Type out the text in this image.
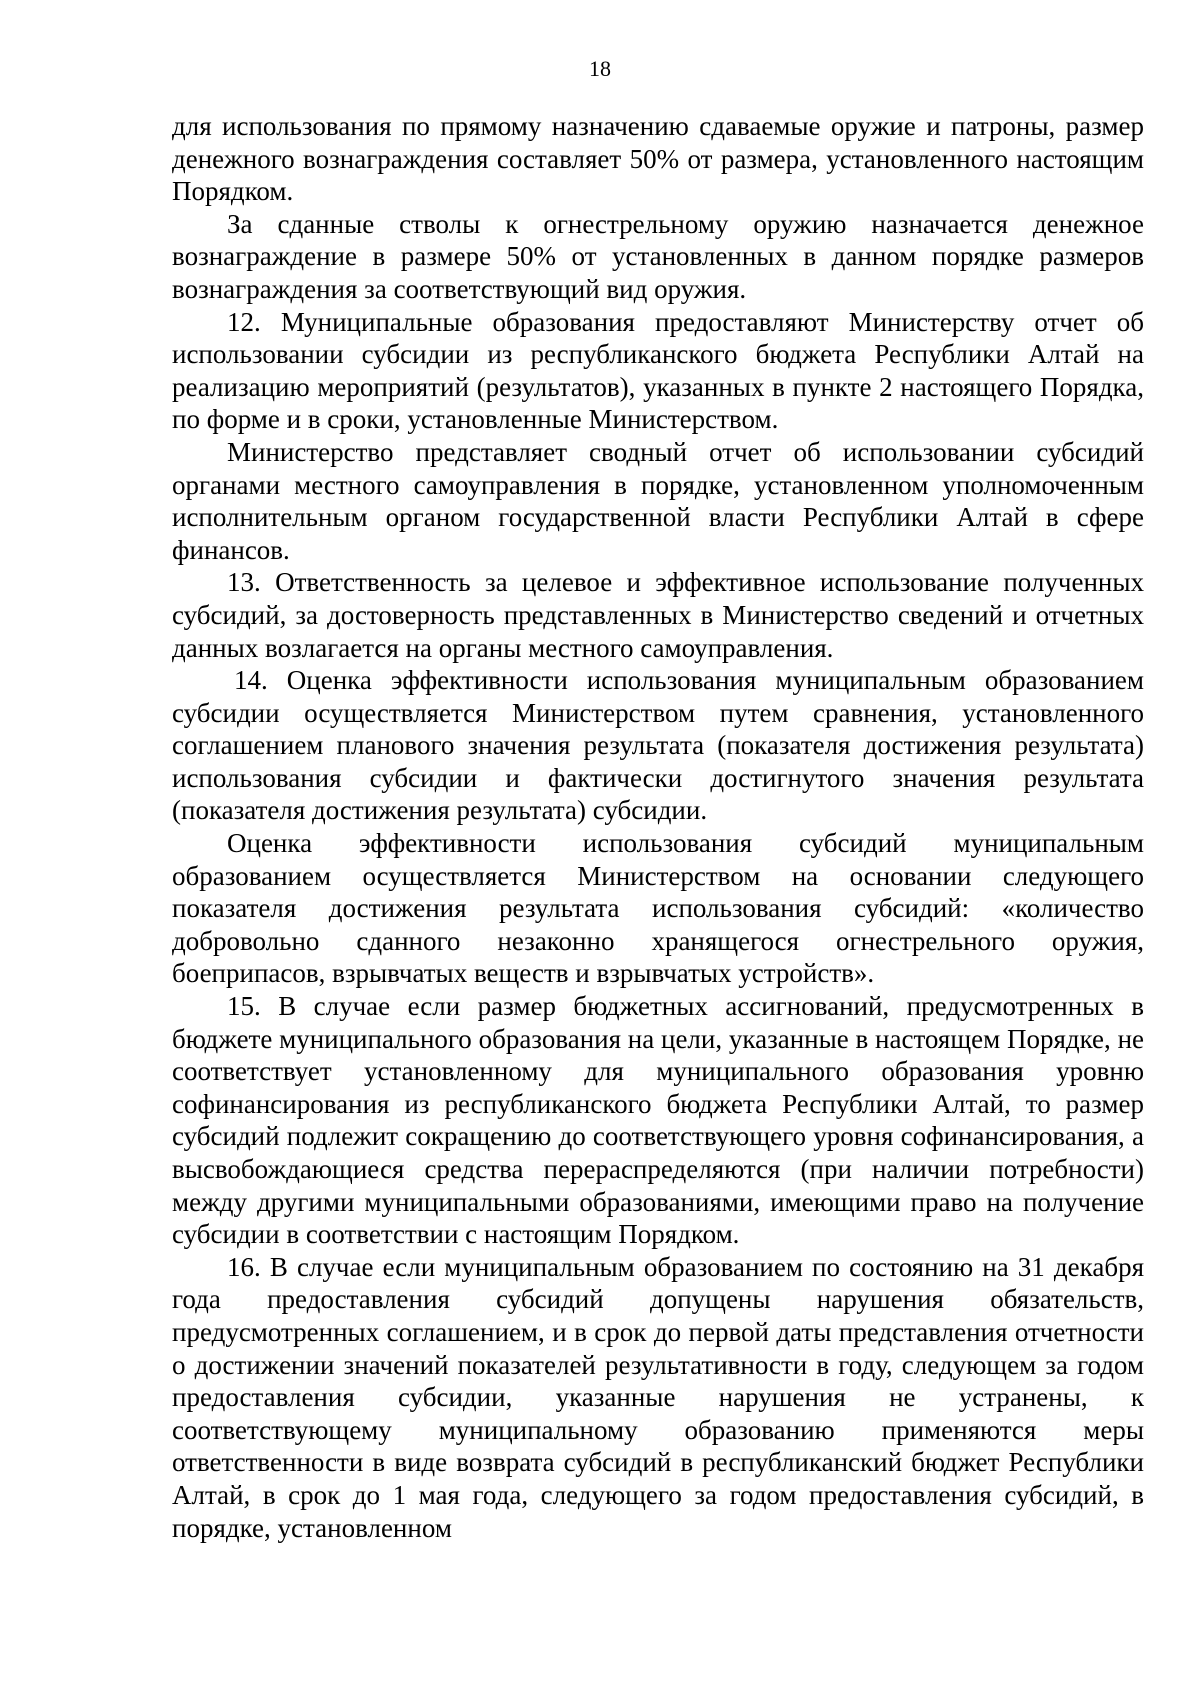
18

для использования по прямому назначению сдаваемые оружие и патроны, размер денежного вознаграждения составляет 50% от размера, установленного настоящим Порядком.

За сданные стволы к огнестрельному оружию назначается денежное вознаграждение в размере 50% от установленных в данном порядке размеров вознаграждения за соответствующий вид оружия.

12. Муниципальные образования предоставляют Министерству отчет об использовании субсидии из республиканского бюджета Республики Алтай на реализацию мероприятий (результатов), указанных в пункте 2 настоящего Порядка, по форме и в сроки, установленные Министерством.

Министерство представляет сводный отчет об использовании субсидий органами местного самоуправления в порядке, установленном уполномоченным исполнительным органом государственной власти Республики Алтай в сфере финансов.

13. Ответственность за целевое и эффективное использование полученных субсидий, за достоверность представленных в Министерство сведений и отчетных данных возлагается на органы местного самоуправления.

14. Оценка эффективности использования муниципальным образованием субсидии осуществляется Министерством путем сравнения, установленного соглашением планового значения результата (показателя достижения результата) использования субсидии и фактически достигнутого значения результата (показателя достижения результата) субсидии.

Оценка эффективности использования субсидий муниципальным образованием осуществляется Министерством на основании следующего показателя достижения результата использования субсидий: «количество добровольно сданного незаконно хранящегося огнестрельного оружия, боеприпасов, взрывчатых веществ и взрывчатых устройств».

15. В случае если размер бюджетных ассигнований, предусмотренных в бюджете муниципального образования на цели, указанные в настоящем Порядке, не соответствует установленному для муниципального образования уровню софинансирования из республиканского бюджета Республики Алтай, то размер субсидий подлежит сокращению до соответствующего уровня софинансирования, а высвобождающиеся средства перераспределяются (при наличии потребности) между другими муниципальными образованиями, имеющими право на получение субсидии в соответствии с настоящим Порядком.

16. В случае если муниципальным образованием по состоянию на 31 декабря года предоставления субсидий допущены нарушения обязательств, предусмотренных соглашением, и в срок до первой даты представления отчетности о достижении значений показателей результативности в году, следующем за годом предоставления субсидии, указанные нарушения не устранены, к соответствующему муниципальному образованию применяются меры ответственности в виде возврата субсидий в республиканский бюджет Республики Алтай, в срок до 1 мая года, следующего за годом предоставления субсидий, в порядке, установленном
